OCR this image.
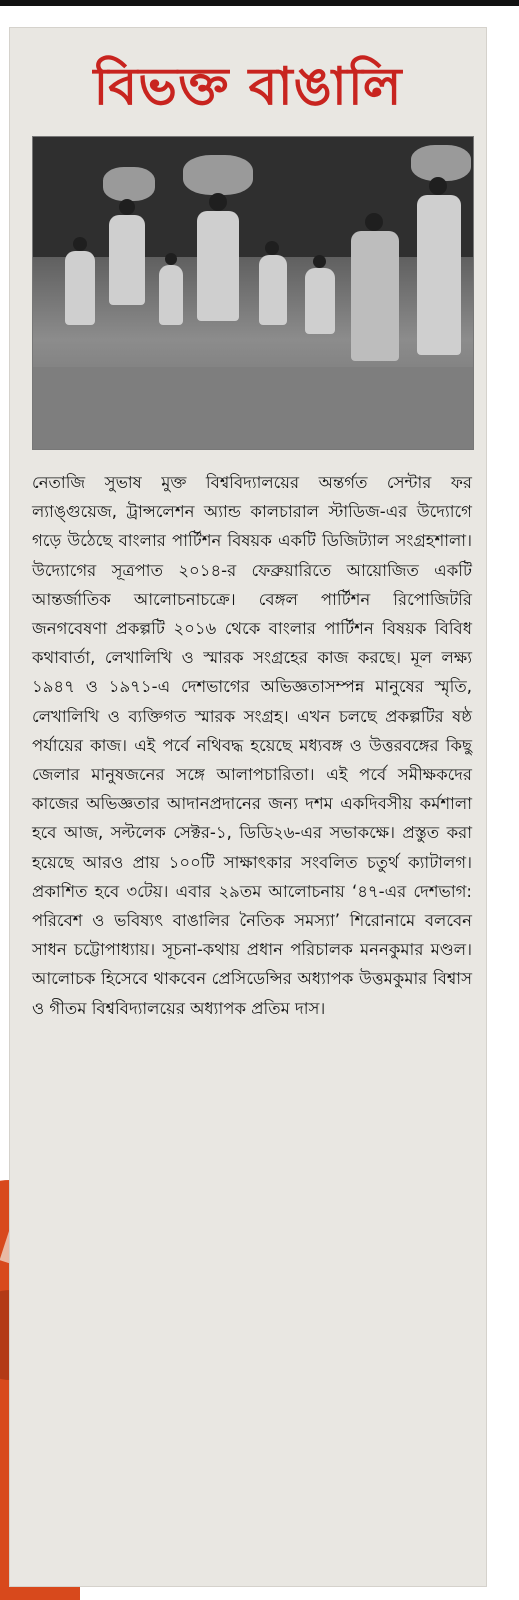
বিভক্ত বাঙালি

নেতাজি সুভাষ মুক্ত বিশ্ববিদ্যালয়ের অন্তর্গত সেন্টার ফর ল্যাঙ্গুয়েজ, ট্রান্সলেশন অ্যান্ড কালচারাল স্টাডিজ-এর উদ্যোগে গড়ে উঠেছে বাংলার পার্টিশন বিষয়ক একটি ডিজিট্যাল সংগ্রহশালা। উদ্যোগের সূত্রপাত ২০১৪-র ফেব্রুয়ারিতে আয়োজিত একটি আন্তর্জাতিক আলোচনাচক্রে। বেঙ্গল পার্টিশন রিপোজিটরি জনগবেষণা প্রকল্পটি ২০১৬ থেকে বাংলার পার্টিশন বিষয়ক বিবিধ কথাবার্তা, লেখালিখি ও স্মারক সংগ্রহের কাজ করছে। মূল লক্ষ্য ১৯৪৭ ও ১৯৭১-এ দেশভাগের অভিজ্ঞতাসম্পন্ন মানুষের স্মৃতি, লেখালিখি ও ব্যক্তিগত স্মারক সংগ্রহ। এখন চলছে প্রকল্পটির ষষ্ঠ পর্যায়ের কাজ। এই পর্বে নথিবদ্ধ হয়েছে মধ্যবঙ্গ ও উত্তরবঙ্গের কিছু জেলার মানুষজনের সঙ্গে আলাপচারিতা। এই পর্বে সমীক্ষকদের কাজের অভিজ্ঞতার আদানপ্রদানের জন্য দশম একদিবসীয় কর্মশালা হবে আজ, সল্টলেক সেক্টর-১, ডিডি২৬-এর সভাকক্ষে। প্রস্তুত করা হয়েছে আরও প্রায় ১০০টি সাক্ষাৎকার সংবলিত চতুর্থ ক্যাটালগ। প্রকাশিত হবে ৩টেয়। এবার ২৯তম আলোচনায় ‘৪৭-এর দেশভাগ: পরিবেশ ও ভবিষ্যৎ বাঙালির নৈতিক সমস্যা’ শিরোনামে বলবেন সাধন চট্টোপাধ্যায়। সূচনা-কথায় প্রধান পরিচালক মননকুমার মণ্ডল। আলোচক হিসেবে থাকবেন প্রেসিডেন্সির অধ্যাপক উত্তমকুমার বিশ্বাস ও গীতম বিশ্ববিদ্যালয়ের অধ্যাপক প্রতিম দাস।
